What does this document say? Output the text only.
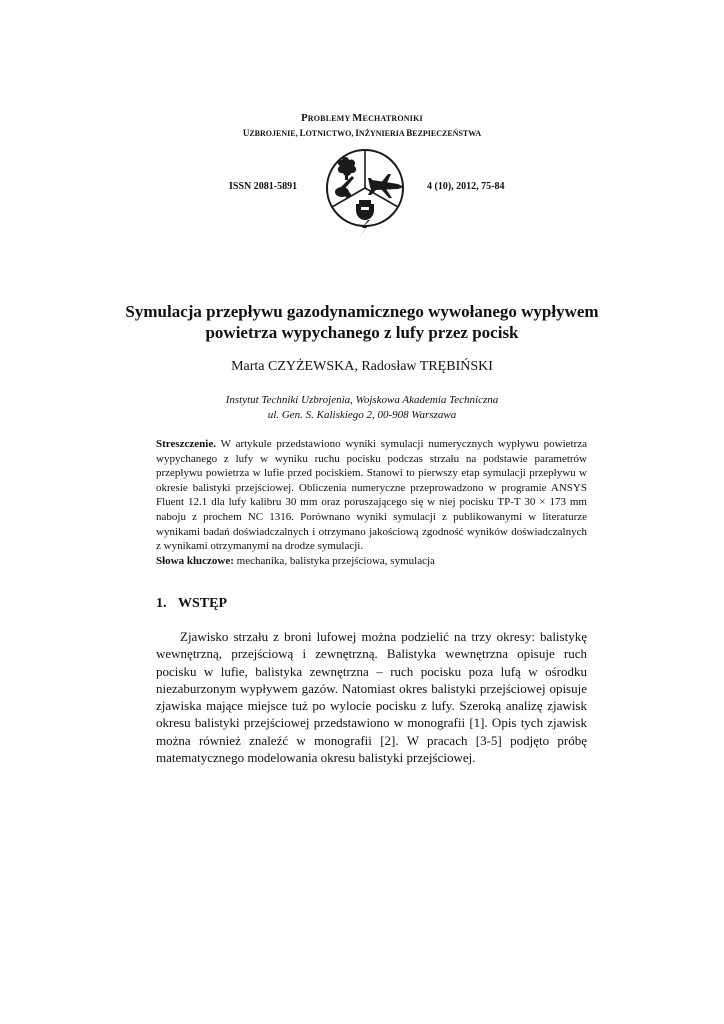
PROBLEMY MECHATRONIKI
UZBROJENIE, LOTNICTWO, INŻYNIERIA BEZPIECZEŃSTWA
ISSN 2081-5891	4 (10), 2012, 75-84
Symulacja przepływu gazodynamicznego wywołanego wypływem powietrza wypychanego z lufy przez pocisk
Marta CZYŻEWSKA, Radosław TRĘBIŃSKI
Instytut Techniki Uzbrojenia, Wojskowa Akademia Techniczna
ul. Gen. S. Kaliskiego 2, 00-908 Warszawa

Streszczenie. W artykule przedstawiono wyniki symulacji numerycznych wypływu powietrza wypychanego z lufy w wyniku ruchu pocisku podczas strzału na podstawie parametrów przepływu powietrza w lufie przed pociskiem. Stanowi to pierwszy etap symulacji przepływu w okresie balistyki przejściowej. Obliczenia numeryczne przeprowadzono w programie ANSYS Fluent 12.1 dla lufy kalibru 30 mm oraz poruszającego się w niej pocisku TP-T 30 × 173 mm naboju z prochem NC 1316. Porównano wyniki symulacji z publikowanymi w literaturze wynikami badań doświadczalnych i otrzymano jakościową zgodność wyników doświadczalnych z wynikami otrzymanymi na drodze symulacji.

Słowa kluczowe: mechanika, balistyka przejściowa, symulacja

1. WSTĘP

Zjawisko strzału z broni lufowej można podzielić na trzy okresy: balistykę wewnętrzną, przejściową i zewnętrzną. Balistyka wewnętrzna opisuje ruch pocisku w lufie, balistyka zewnętrzna – ruch pocisku poza lufą w ośrodku niezaburzonym wypływem gazów. Natomiast okres balistyki przejściowej opisuje zjawiska mające miejsce tuż po wylocie pocisku z lufy. Szeroką analizę zjawisk okresu balistyki przejściowej przedstawiono w monografii [1]. Opis tych zjawisk można również znaleźć w monografii [2]. W pracach [3-5] podjęto próbę matematycznego modelowania okresu balistyki przejściowej.
